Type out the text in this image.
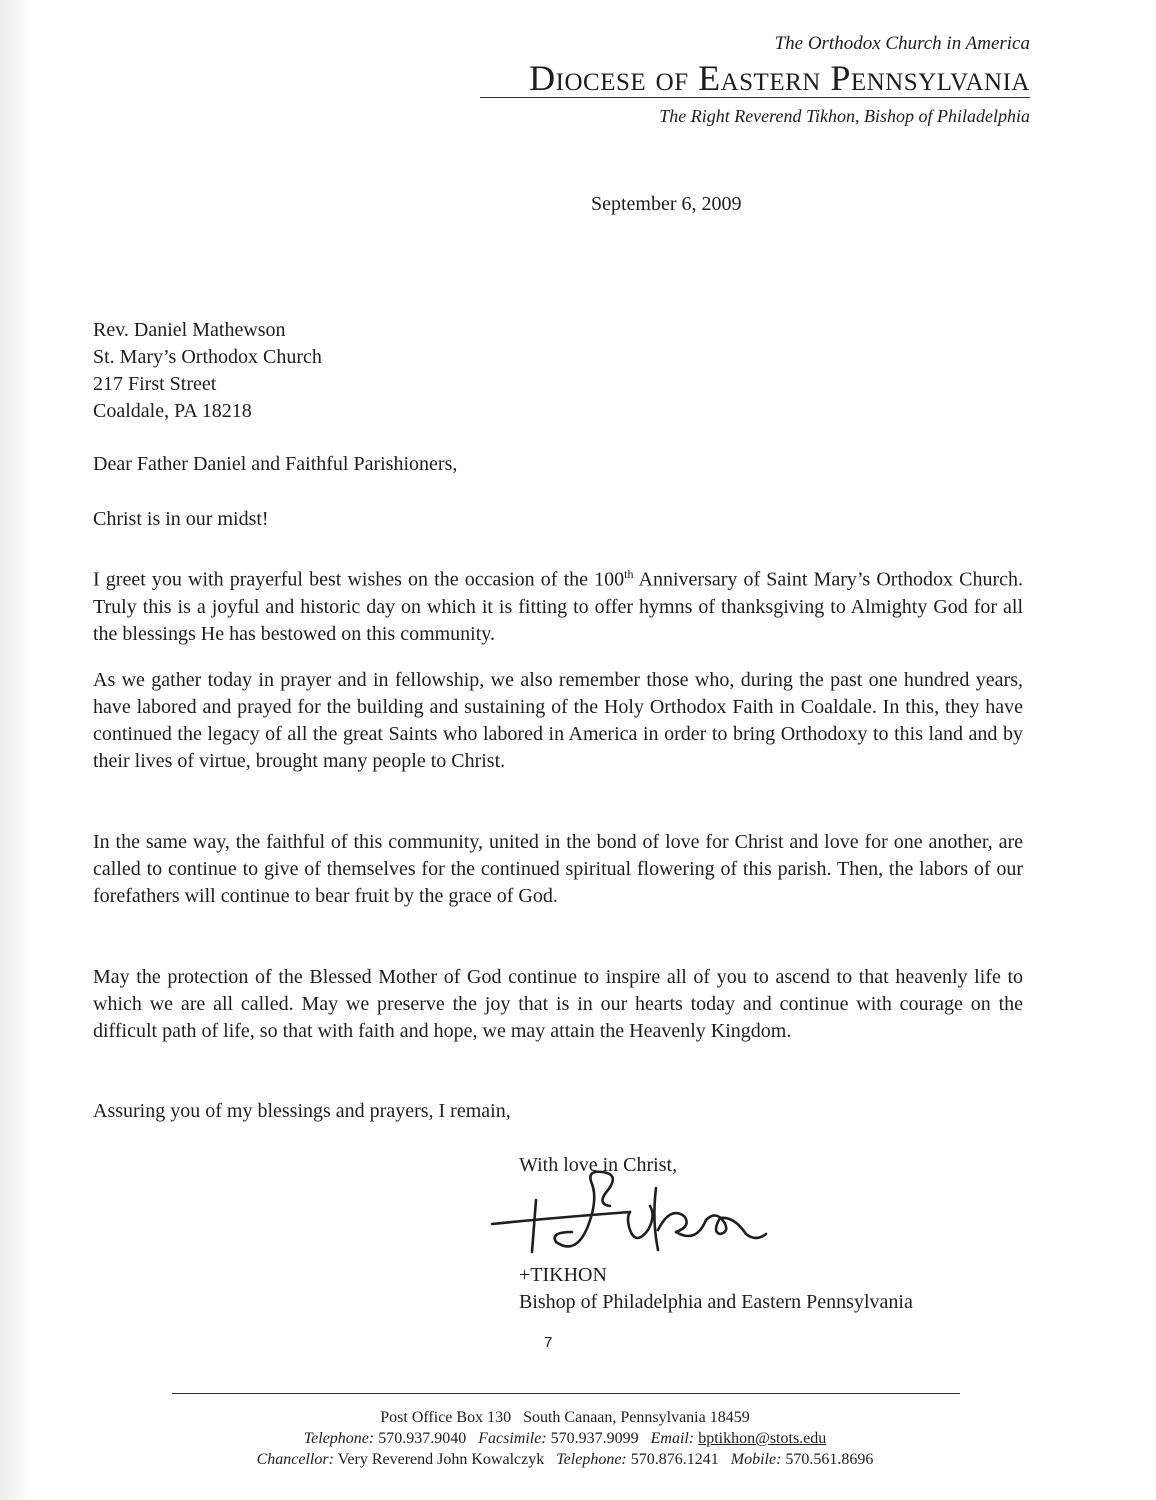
The Orthodox Church in America
Diocese of Eastern Pennsylvania
The Right Reverend Tikhon, Bishop of Philadelphia
September 6, 2009
Rev. Daniel Mathewson
St. Mary’s Orthodox Church
217 First Street
Coaldale, PA 18218
Dear Father Daniel and Faithful Parishioners,
Christ is in our midst!
I greet you with prayerful best wishes on the occasion of the 100th Anniversary of Saint Mary’s Orthodox Church. Truly this is a joyful and historic day on which it is fitting to offer hymns of thanksgiving to Almighty God for all the blessings He has bestowed on this community.
As we gather today in prayer and in fellowship, we also remember those who, during the past one hundred years, have labored and prayed for the building and sustaining of the Holy Orthodox Faith in Coaldale. In this, they have continued the legacy of all the great Saints who labored in America in order to bring Orthodoxy to this land and by their lives of virtue, brought many people to Christ.
In the same way, the faithful of this community, united in the bond of love for Christ and love for one another, are called to continue to give of themselves for the continued spiritual flowering of this parish. Then, the labors of our forefathers will continue to bear fruit by the grace of God.
May the protection of the Blessed Mother of God continue to inspire all of you to ascend to that heavenly life to which we are all called. May we preserve the joy that is in our hearts today and continue with courage on the difficult path of life, so that with faith and hope, we may attain the Heavenly Kingdom.
Assuring you of my blessings and prayers, I remain,
With love in Christ,
+TIKHON
Bishop of Philadelphia and Eastern Pennsylvania
7
Post Office Box 130 South Canaan, Pennsylvania 18459
Telephone: 570.937.9040 Facsimile: 570.937.9099 Email: bptikhon@stots.edu
Chancellor: Very Reverend John Kowalczyk Telephone: 570.876.1241 Mobile: 570.561.8696
